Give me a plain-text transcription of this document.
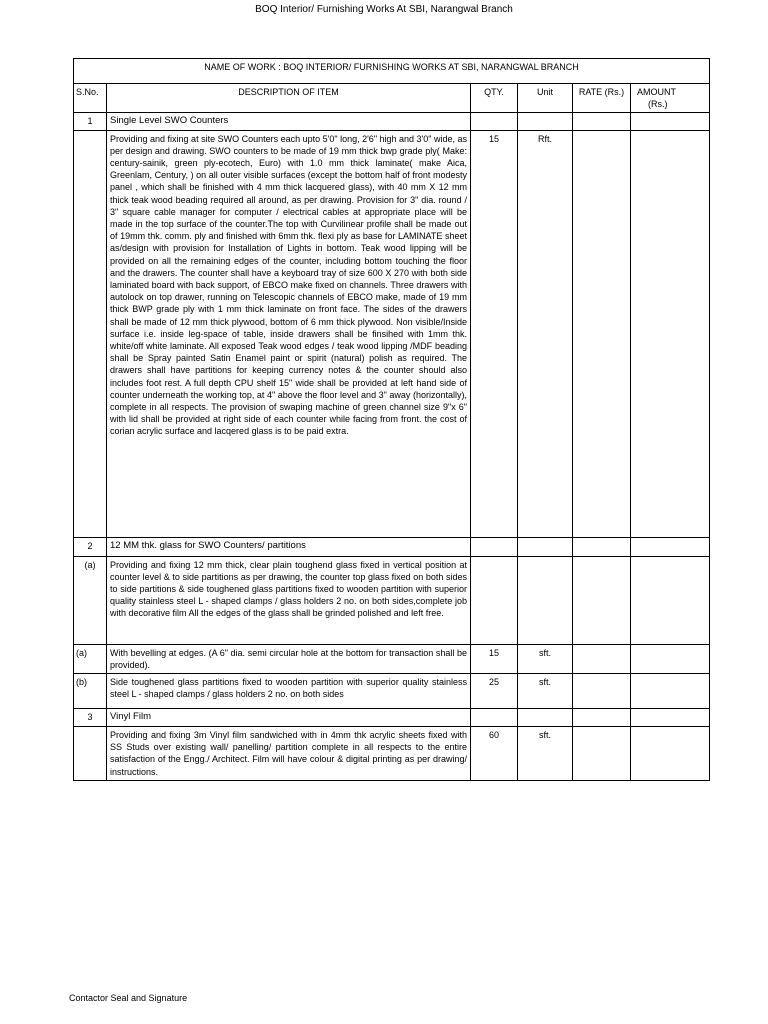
BOQ Interior/ Furnishing Works At SBI, Narangwal Branch
NAME OF WORK : BOQ INTERIOR/ FURNISHING WORKS AT SBI, NARANGWAL BRANCH					
S.No.	DESCRIPTION OF ITEM	QTY.	Unit	RATE (Rs.)	AMOUNT
(Rs.)

1	Single Level SWO Counters				
	Providing and fixing at site SWO Counters each upto 5'0" long, 2'6" high and 3'0" wide, as per design and drawing. SWO counters to be made of 19 mm thick bwp grade ply( Make: century-sainik, green ply-ecotech, Euro) with 1.0 mm thick laminate( make Aica, Greenlam, Century, ) on all outer visible surfaces (except the bottom half of front modesty panel , which shall be finished with 4 mm thick lacquered glass), with 40 mm X 12 mm thick teak wood beading required all around, as per drawing. Provision for 3" dia. round / 3" square cable manager for computer / electrical cables at appropriate place will be made in the top surface of the counter.The top with Curvilinear profile shall be made out of 19mm thk. comm. ply and finished with 6mm thk. flexi ply as base for LAMINATE sheet as/design with provision for Installation of Lights in bottom. Teak wood lipping will be provided on all the remaining edges of the counter, including bottom touching the floor and the drawers. The counter shall have a keyboard tray of size 600 X 270 with both side laminated board with back support, of EBCO make fixed on channels. Three drawers with autolock on top drawer, running on Telescopic channels of EBCO make, made of 19 mm thick BWP grade ply with 1 mm thick laminate on front face. The sides of the drawers shall be made of 12 mm thick plywood, bottom of 6 mm thick plywood. Non visible/Inside surface i.e. inside leg-space of table, inside drawers shall be finsihed with 1mm thk. white/off white laminate. All exposed Teak wood edges / teak wood lipping /MDF beading shall be Spray painted Satin Enamel paint or spirit (natural) polish as required. The drawers shall have partitions for keeping currency notes & the counter should also includes foot rest. A full depth CPU shelf 15" wide shall be provided at left hand side of counter underneath the working top, at 4" above the floor level and 3" away (horizontally), complete in all respects. The provision of swaping machine of green channel size 9"x 6" with lid shall be provided at right side of each counter while facing from front. the cost of corian acrylic surface and lacqered glass is to be paid extra.	15	Rft.		
2	12 MM thk. glass for SWO Counters/ partitions				
(a)	Providing and fixing 12 mm thick, clear plain toughend glass fixed in vertical position at counter level & to side partitions as per drawing, the counter top glass fixed on both sides to side partitions & side toughened glass partitions fixed to wooden partition with superior quality stainless steel L - shaped clamps / glass holders 2 no. on both sides,complete job with decorative film All the edges of the glass shall be grinded polished and left free.				
(a)	With bevelling at edges. (A 6" dia. semi circular hole at the bottom for transaction shall be provided).	15	sft.		
(b)	Side toughened glass partitions fixed to wooden partition with superior quality stainless steel L - shaped clamps / glass holders 2 no. on both sides	25	sft.		
3	Vinyl Film				
	Providing and fixing 3m Vinyl film sandwiched with in 4mm thk acrylic sheets fixed with SS Studs over existing wall/ panelling/ partition complete in all respects to the entire satisfaction of the Engg./ Architect. Film will have colour & digital printing as per drawing/ instructions.	60	sft.		
Contactor Seal and Signature
